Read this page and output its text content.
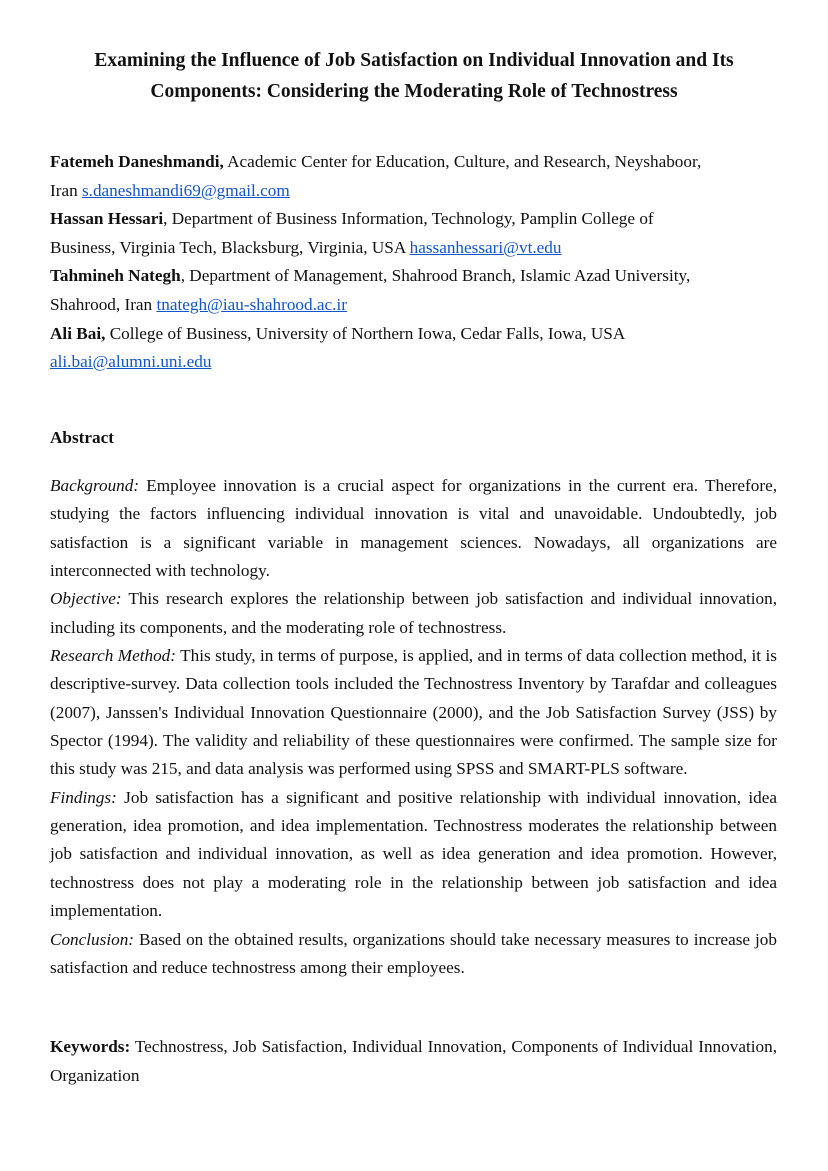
Examining the Influence of Job Satisfaction on Individual Innovation and Its
Components: Considering the Moderating Role of Technostress

Fatemeh Daneshmandi, Academic Center for Education, Culture, and Research, Neyshaboor,
Iran s.daneshmandi69@gmail.com

Hassan Hessari, Department of Business Information, Technology, Pamplin College of
Business, Virginia Tech, Blacksburg, Virginia, USA hassanhessari@vt.edu

Tahmineh Nategh, Department of Management, Shahrood Branch, Islamic Azad University,
Shahrood, Iran tnategh@iau-shahrood.ac.ir

Ali Bai, College of Business, University of Northern Iowa, Cedar Falls, Iowa, USA
ali.bai@alumni.uni.edu

Abstract

Background: Employee innovation is a crucial aspect for organizations in the current era. Therefore, studying the factors influencing individual innovation is vital and unavoidable. Undoubtedly, job satisfaction is a significant variable in management sciences. Nowadays, all organizations are interconnected with technology.

Objective: This research explores the relationship between job satisfaction and individual innovation, including its components, and the moderating role of technostress.

Research Method: This study, in terms of purpose, is applied, and in terms of data collection method, it is descriptive-survey. Data collection tools included the Technostress Inventory by Tarafdar and colleagues (2007), Janssen's Individual Innovation Questionnaire (2000), and the Job Satisfaction Survey (JSS) by Spector (1994). The validity and reliability of these questionnaires were confirmed. The sample size for this study was 215, and data analysis was performed using SPSS and SMART-PLS software.

Findings: Job satisfaction has a significant and positive relationship with individual innovation, idea generation, idea promotion, and idea implementation. Technostress moderates the relationship between job satisfaction and individual innovation, as well as idea generation and idea promotion. However, technostress does not play a moderating role in the relationship between job satisfaction and idea implementation.

Conclusion: Based on the obtained results, organizations should take necessary measures to increase job satisfaction and reduce technostress among their employees.

Keywords: Technostress, Job Satisfaction, Individual Innovation, Components of Individual Innovation, Organization
